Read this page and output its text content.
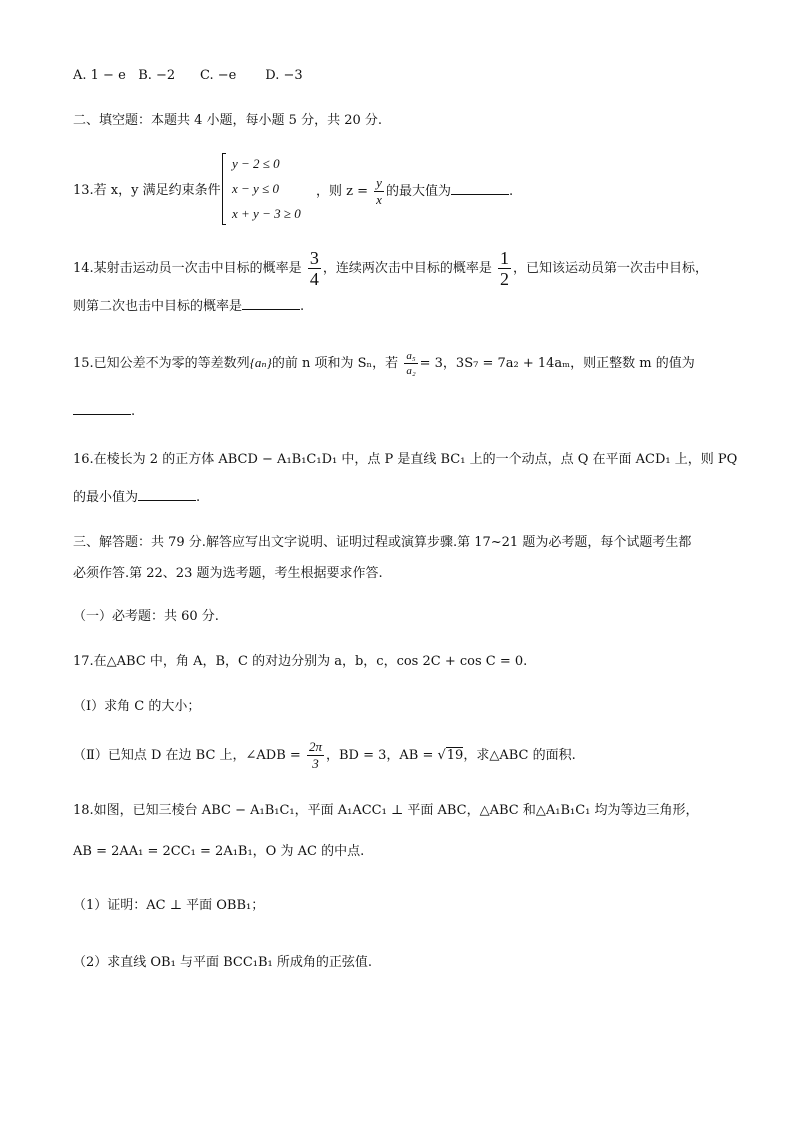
A. 1 − e B. −2 C. −e D. −3
二、填空题：本题共 4 小题，每小题 5 分，共 20 分.
13.若 x，y 满足约束条件
y − 2 ≤ 0
x − y ≤ 0
x + y − 3 ≥ 0
，则 $z = \frac{y}{x}$ 的最大值为	.
14.某射击运动员一次击中目标的概率是 $\frac{3}{4}$ ，连续两次击中目标的概率是 $\frac{1}{2}$ ，已知该运动员第一次击中目标，
则第二次也击中目标的概率是	.
15.已知公差不为零的等差数列{aₙ}的前 n 项和为 Sₙ，若 $\frac{\text{a₅}}{\text{a₂}} = 3$，3S₇ = 7a₂ + 14aₘ，则正整数 m 的值为
.
16.在棱长为 2 的正方体 ABCD − A₁B₁C₁D₁ 中，点 P 是直线 BC₁ 上的一个动点，点 Q 在平面 ACD₁ 上，则 PQ
的最小值为	.
三、解答题：共 79 分.解答应写出文字说明、证明过程或演算步骤.第 17~21 题为必考题，每个试题考生都
必须作答.第 22、23 题为选考题，考生根据要求作答.
（一）必考题：共 60 分.
17.在△ABC 中，角 A，B，C 的对边分别为 a，b，c，cos 2C + cos C = 0.
（Ⅰ）求角 C 的大小；
（Ⅱ）已知点 D 在边 BC 上，∠ADB = $\frac{2\pi}{3}$ ，BD = 3，AB = √19，求△ABC 的面积.
18.如图，已知三棱台 ABC − A₁B₁C₁，平面 A₁ACC₁ ⊥ 平面 ABC，△ABC 和△A₁B₁C₁ 均为等边三角形，
AB = 2AA₁ = 2CC₁ = 2A₁B₁，O 为 AC 的中点.
（1）证明：AC ⊥ 平面 OBB₁；
（2）求直线 OB₁ 与平面 BCC₁B₁ 所成角的正弦值.
